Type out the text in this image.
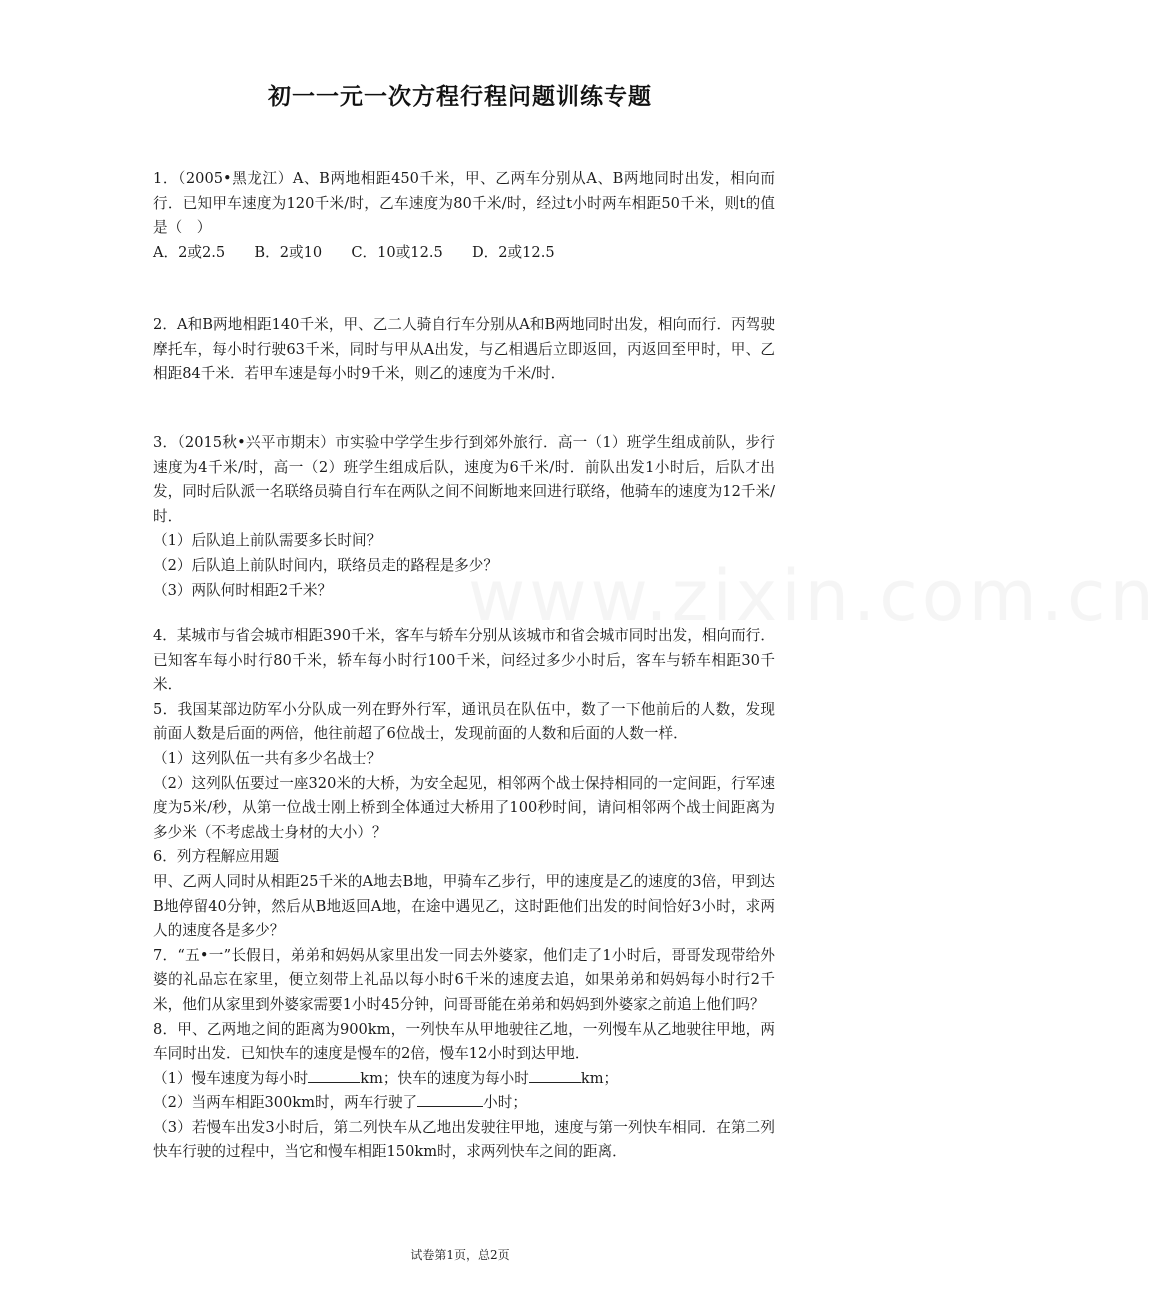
www.zixin.com.cn
初一一元一次方程行程问题训练专题

1．（2005•黑龙江）A、B两地相距450千米，甲、乙两车分别从A、B两地同时出发，相向而行．已知甲车速度为120千米/时，乙车速度为80千米/时，经过t小时两车相距50千米，则t的值是（　）

A．2或2.5　　B．2或10　　C．10或12.5　　D．2或12.5

2．A和B两地相距140千米，甲、乙二人骑自行车分别从A和B两地同时出发，相向而行．丙驾驶摩托车，每小时行驶63千米，同时与甲从A出发，与乙相遇后立即返回，丙返回至甲时，甲、乙相距84千米．若甲车速是每小时9千米，则乙的速度为千米/时．

3．（2015秋•兴平市期末）市实验中学学生步行到郊外旅行．高一（1）班学生组成前队，步行速度为4千米/时，高一（2）班学生组成后队，速度为6千米/时．前队出发1小时后，后队才出发，同时后队派一名联络员骑自行车在两队之间不间断地来回进行联络，他骑车的速度为12千米/时．

（1）后队追上前队需要多长时间？

（2）后队追上前队时间内，联络员走的路程是多少？

（3）两队何时相距2千米？

4．某城市与省会城市相距390千米，客车与轿车分别从该城市和省会城市同时出发，相向而行．已知客车每小时行80千米，轿车每小时行100千米，问经过多少小时后，客车与轿车相距30千米．

5．我国某部边防军小分队成一列在野外行军，通讯员在队伍中，数了一下他前后的人数，发现前面人数是后面的两倍，他往前超了6位战士，发现前面的人数和后面的人数一样．

（1）这列队伍一共有多少名战士？

（2）这列队伍要过一座320米的大桥，为安全起见，相邻两个战士保持相同的一定间距，行军速度为5米/秒，从第一位战士刚上桥到全体通过大桥用了100秒时间，请问相邻两个战士间距离为多少米（不考虑战士身材的大小）？

6．列方程解应用题

甲、乙两人同时从相距25千米的A地去B地，甲骑车乙步行，甲的速度是乙的速度的3倍，甲到达B地停留40分钟，然后从B地返回A地，在途中遇见乙，这时距他们出发的时间恰好3小时，求两人的速度各是多少？

7．“五•一”长假日，弟弟和妈妈从家里出发一同去外婆家，他们走了1小时后，哥哥发现带给外婆的礼品忘在家里，便立刻带上礼品以每小时6千米的速度去追，如果弟弟和妈妈每小时行2千米，他们从家里到外婆家需要1小时45分钟，问哥哥能在弟弟和妈妈到外婆家之前追上他们吗？

8．甲、乙两地之间的距离为900km，一列快车从甲地驶往乙地，一列慢车从乙地驶往甲地，两车同时出发．已知快车的速度是慢车的2倍，慢车12小时到达甲地．

（1）慢车速度为每小时	km；快车的速度为每小时	km；

（2）当两车相距300km时，两车行驶了	小时；

（3）若慢车出发3小时后，第二列快车从乙地出发驶往甲地，速度与第一列快车相同．在第二列快车行驶的过程中，当它和慢车相距150km时，求两列快车之间的距离．

试卷第1页，总2页
